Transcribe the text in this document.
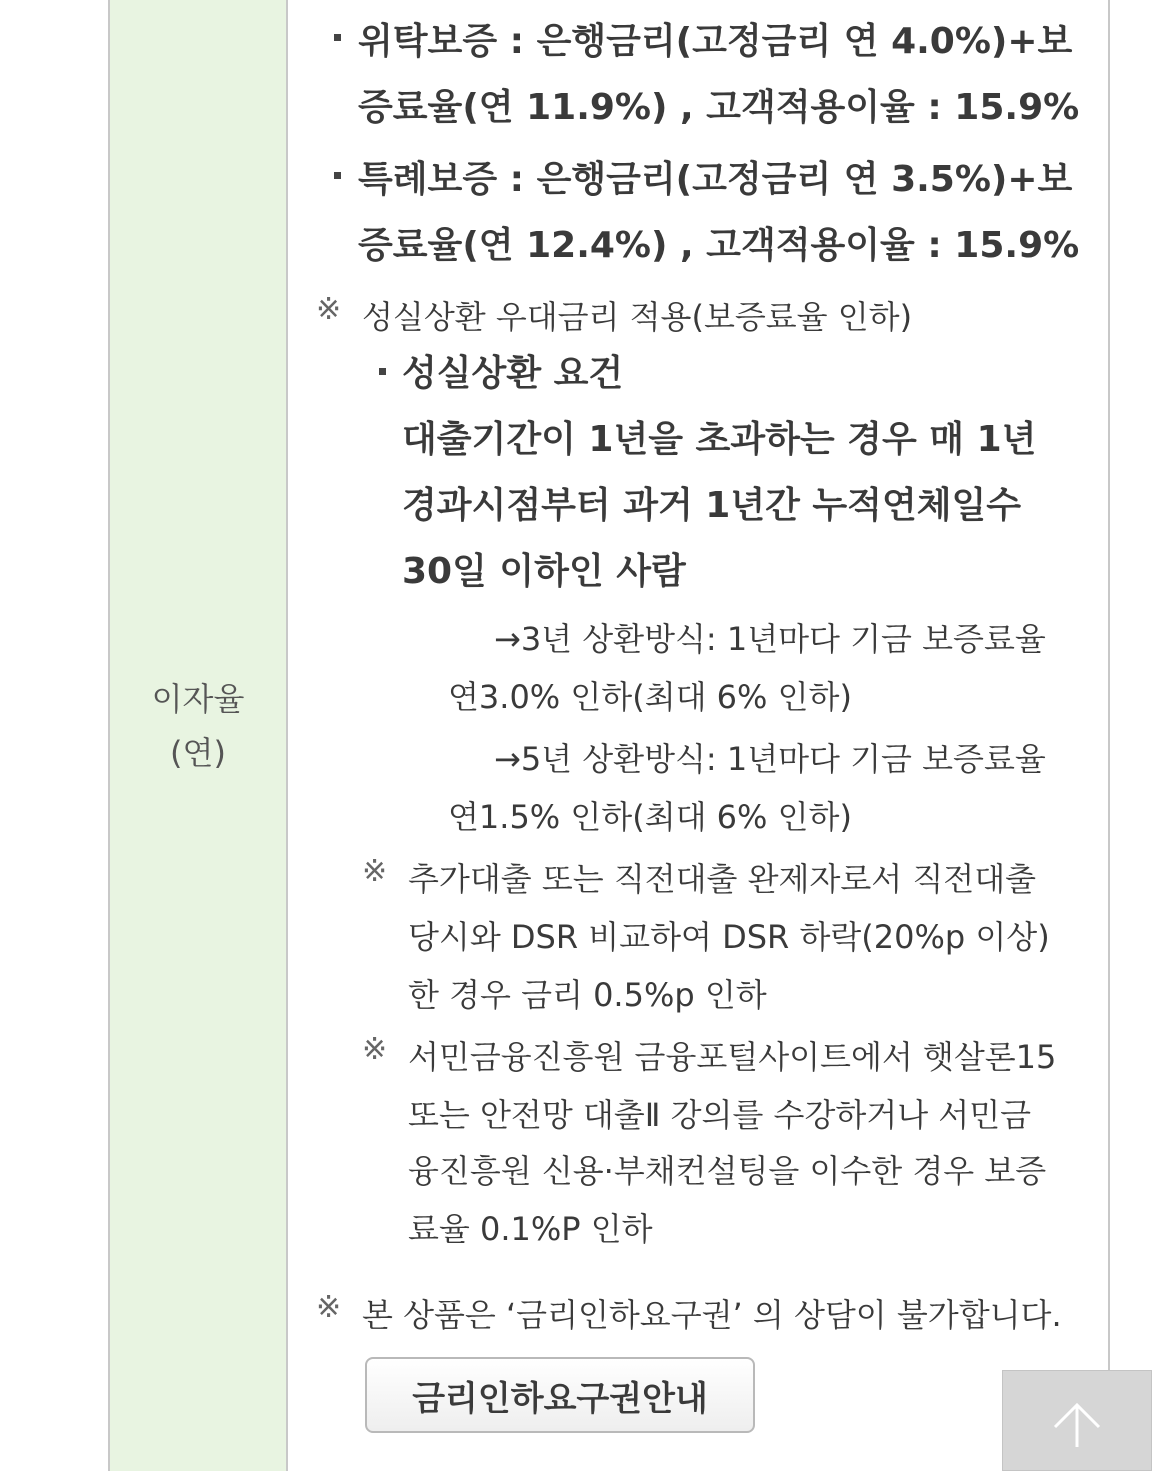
이자율
(연)
위탁보증 : 은행금리(고정금리 연 4.0%)+보
증료율(연 11.9%) , 고객적용이율 : 15.9%
특례보증 : 은행금리(고정금리 연 3.5%)+보
증료율(연 12.4%) , 고객적용이율 : 15.9%
※ 성실상환 우대금리 적용(보증료율 인하)
성실상환 요건
대출기간이 1년을 초과하는 경우 매 1년
경과시점부터 과거 1년간 누적연체일수
30일 이하인 사람
→3년 상환방식: 1년마다 기금 보증료율
연3.0% 인하(최대 6% 인하)
→5년 상환방식: 1년마다 기금 보증료율
연1.5% 인하(최대 6% 인하)
※ 추가대출 또는 직전대출 완제자로서 직전대출
당시와 DSR 비교하여 DSR 하락(20%p 이상)
한 경우 금리 0.5%p 인하
※ 서민금융진흥원 금융포털사이트에서 햇살론15
또는 안전망 대출Ⅱ 강의를 수강하거나 서민금
융진흥원 신용·부채컨설팅을 이수한 경우 보증
료율 0.1%P 인하
※ 본 상품은 ‘금리인하요구권’ 의 상담이 불가합니다.
금리인하요구권안내
